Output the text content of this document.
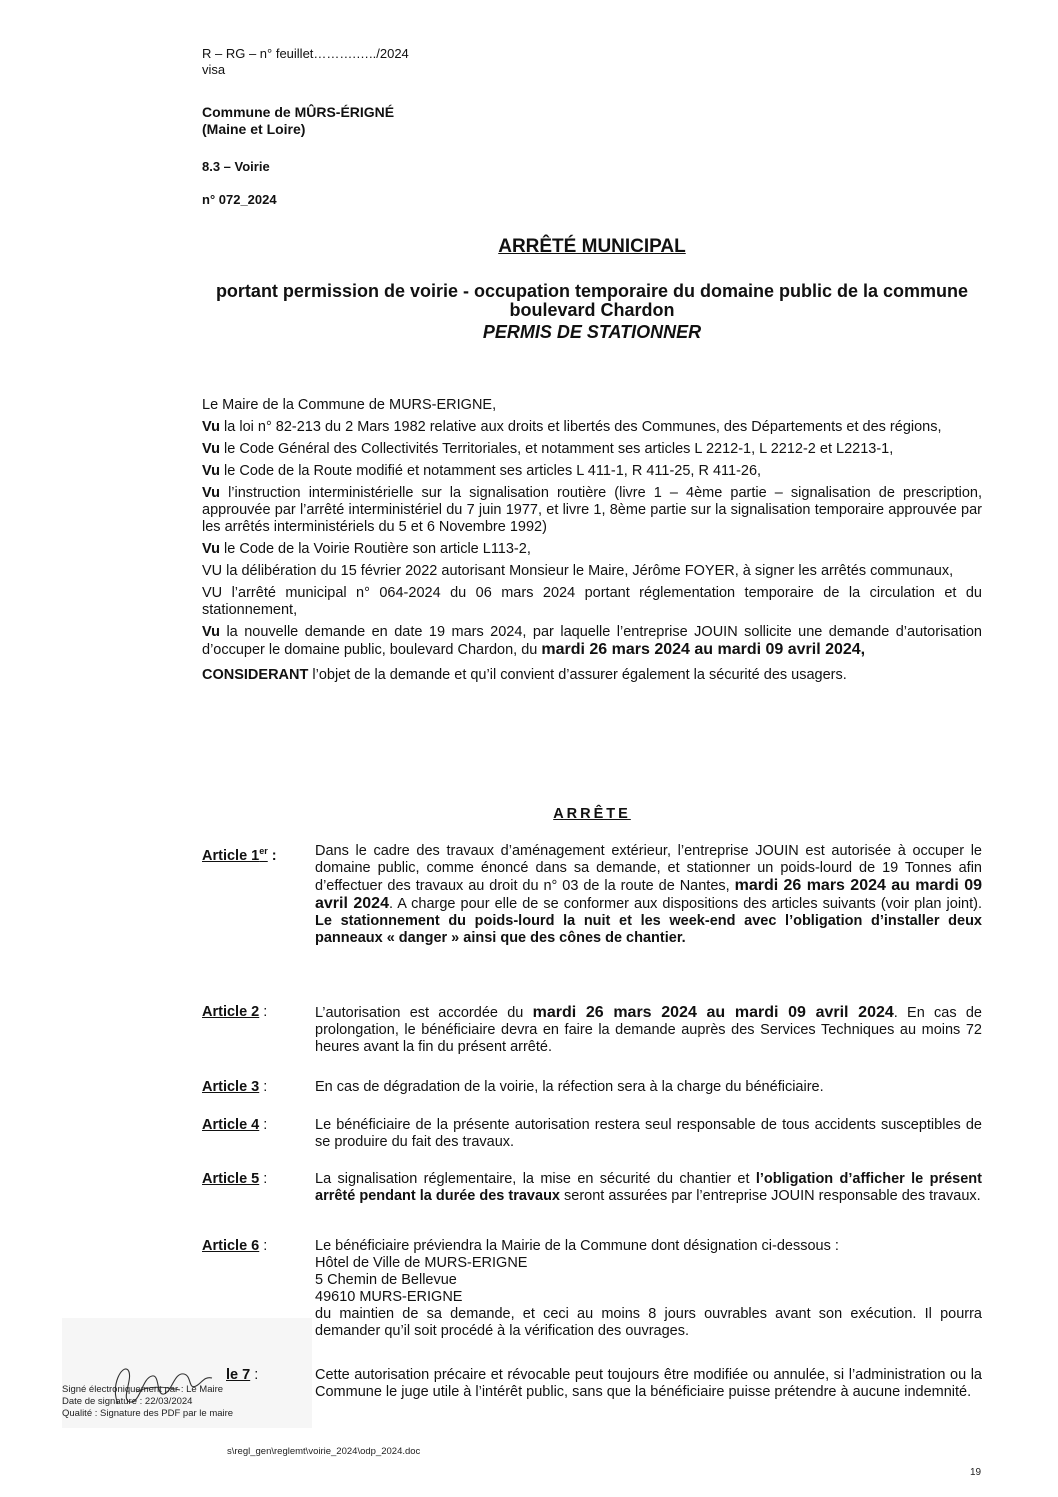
R – RG – n° feuillet……….…../2024
visa
Commune de MÛRS-ÉRIGNÉ
(Maine et Loire)
8.3 – Voirie
n° 072_2024
ARRÊTÉ MUNICIPAL
portant permission de voirie - occupation temporaire du domaine public de la commune
boulevard Chardon
PERMIS DE STATIONNER

Le Maire de la Commune de MURS-ERIGNE,

Vu la loi n° 82-213 du 2 Mars 1982 relative aux droits et libertés des Communes, des Départements et des régions,

Vu le Code Général des Collectivités Territoriales, et notamment ses articles L 2212-1, L 2212-2 et L2213-1,

Vu le Code de la Route modifié et notamment ses articles L 411-1, R 411-25, R 411-26,

Vu l’instruction interministérielle sur la signalisation routière (livre 1 – 4ème partie – signalisation de prescription, approuvée par l’arrêté interministériel du 7 juin 1977, et livre 1, 8ème partie sur la signalisation temporaire approuvée par les arrêtés interministériels du 5 et 6 Novembre 1992)

Vu le Code de la Voirie Routière son article L113-2,

VU la délibération du 15 février 2022 autorisant Monsieur le Maire, Jérôme FOYER, à signer les arrêtés communaux,

VU l’arrêté municipal n° 064-2024 du 06 mars 2024 portant réglementation temporaire de la circulation et du stationnement,

Vu la nouvelle demande en date 19 mars 2024, par laquelle l’entreprise JOUIN sollicite une demande d’autorisation d’occuper le domaine public, boulevard Chardon, du mardi 26 mars 2024 au mardi 09 avril 2024,

CONSIDERANT l’objet de la demande et qu’il convient d’assurer également la sécurité des usagers.

ARRÊTE
Article 1er :	Dans le cadre des travaux d’aménagement extérieur, l’entreprise JOUIN est autorisée à occuper le domaine public, comme énoncé dans sa demande, et stationner un poids-lourd de 19 Tonnes afin d’effectuer des travaux au droit du n° 03 de la route de Nantes, mardi 26 mars 2024 au mardi 09 avril 2024. A charge pour elle de se conformer aux dispositions des articles suivants (voir plan joint). Le stationnement du poids-lourd la nuit et les week-end avec l’obligation d’installer deux panneaux « danger » ainsi que des cônes de chantier.
Article 2 :	L’autorisation est accordée du mardi 26 mars 2024 au mardi 09 avril 2024. En cas de prolongation, le bénéficiaire devra en faire la demande auprès des Services Techniques au moins 72 heures avant la fin du présent arrêté.
Article 3 :	En cas de dégradation de la voirie, la réfection sera à la charge du bénéficiaire.
Article 4 :	Le bénéficiaire de la présente autorisation restera seul responsable de tous accidents susceptibles de se produire du fait des travaux.
Article 5 :	La signalisation réglementaire, la mise en sécurité du chantier et l’obligation d’afficher le présent arrêté pendant la durée des travaux seront assurées par l’entreprise JOUIN responsable des travaux.
Article 6 :	Le bénéficiaire préviendra la Mairie de la Commune dont désignation ci-dessous :
Hôtel de Ville de MURS-ERIGNE
5 Chemin de Bellevue
49610 MURS-ERIGNE
du maintien de sa demande, et ceci au moins 8 jours ouvrables avant son exécution. Il pourra demander qu’il soit procédé à la vérification des ouvrages.
le 7 :	Cette autorisation précaire et révocable peut toujours être modifiée ou annulée, si l’administration ou la Commune le juge utile à l’intérêt public, sans que la bénéficiaire puisse prétendre à aucune indemnité.
Signé électroniquement par : Le Maire
Date de signature : 22/03/2024
Qualité : Signature des PDF par le maire
s\regl_gen\reglemt\voirie_2024\odp_2024.doc
19
